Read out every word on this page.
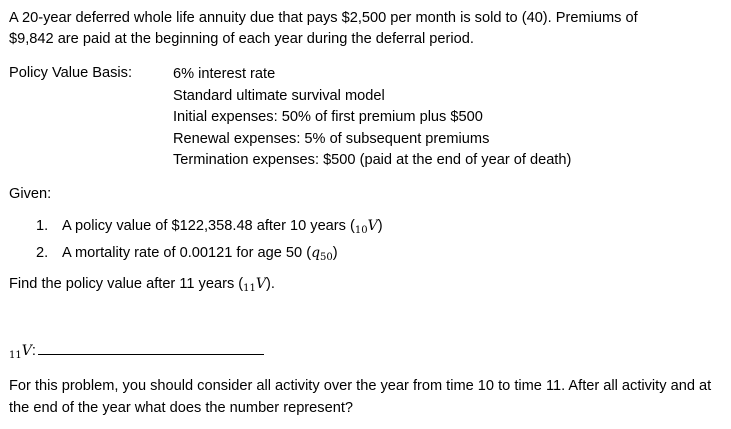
A 20-year deferred whole life annuity due that pays $2,500 per month is sold to (40). Premiums of
$9,842 are paid at the beginning of each year during the deferral period.
Policy Value Basis:	6% interest rate
Standard ultimate survival model
Initial expenses: 50% of first premium plus $500
Renewal expenses: 5% of subsequent premiums
Termination expenses: $500 (paid at the end of year of death)
Given:
1. A policy value of $122,358.48 after 10 years $(_{10}V)$
2. A mortality rate of 0.00121 for age 50 $(q_{50})$
Find the policy value after 11 years $(_{11}V)$.
$_{11}$V:
For this problem, you should consider all activity over the year from time 10 to time 11. After all activity and at the end of the year what does the number represent?
